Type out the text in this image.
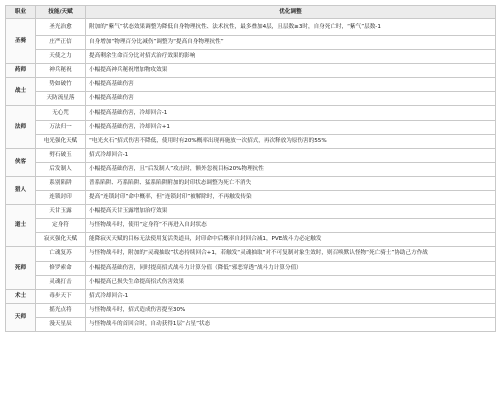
职业	技能/天赋	优化调整
圣骑	圣光治愈	附加的“紫气”状态效果调整为降低自身物理抗性、法术抗性，最多叠加4层，且层数≥3时，自身死亡时，“紫气”层数-1
	庄严正信	自身增加“物理百分比减伤”调整为“提高自身物理抗性”
	天使之力	提高剩余生命百分比对招式治疗效果的影响
药师	神兵秘祝	小幅提高神兵秘祝增加物攻效果
战士	势如破竹	小幅提高基础伤害
	天防流星落	小幅提高基础伤害
法师	无心咒	小幅提高基础伤害，冷却回合-1
	万法归一	小幅提高基础伤害，冷却回合+1
	电光强化天赋	“电光火石”招式伤害不降低，使用时有20%概率出现再施放一次招式，再次释放为原伤害的55%
侠客	劈石破玉	招式冷却回合-1
	后发制人	小幅提高基础伤害，且“后发制人”攻击时，额外忽视目标20%物理抗性
猎人	系别陷阱	普系陷阱、巧系陷阱、猛系陷阱附加的封印状态调整为死亡不消失
	连锁封印	提高“连锁封印”命中概率，但“连锁封印”被解除时，不再触发传染
道士	天甘玉露	小幅提高天甘玉露增加治疗效果
	定身符	与怪物战斗时，使用“定身符”不再进入自封状态
	寂灭强化天赋	能降寂灭天赋的目标无法使用复活类道具，封印命中后概率自封回合减1，PVE战斗力必定触发
死师	亡魂复苏	与怪物战斗时，附加的“灵魂抽取”状态持续回合+1，若触发“灵魂抽取”对不可复制对象生效时，则召唤默认怪物“死亡骑士”协助己方作战
	修罗索命	小幅提高基础伤害，同时提高招式战斗力计算分值（降低“邪恶穿透”战斗力计算分值）
	灵魂打击	小幅提高已损失生命提高招式伤害效果
术士	毒步天下	招式冷却回合-1
天师	摇光点将	与怪物战斗时，招式造成伤害提至30%
	漫天星辰	与怪物战斗的首回合时，自动获得1层“占星”状态
